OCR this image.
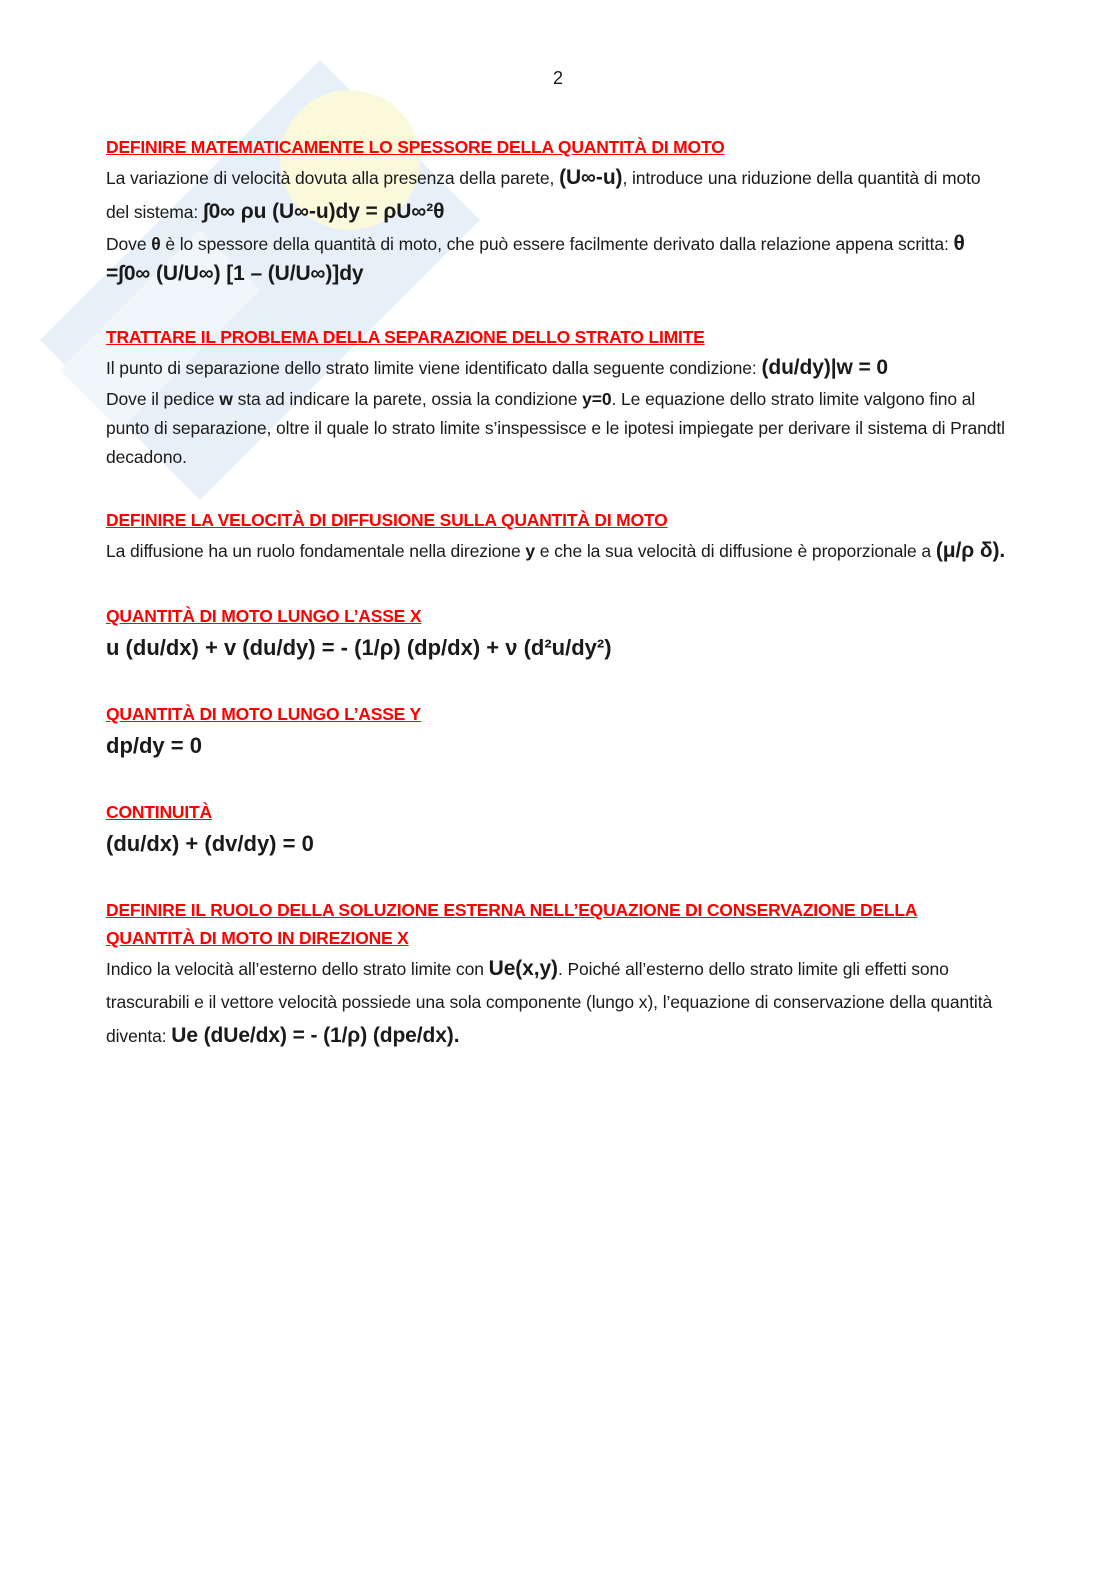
2
DEFINIRE MATEMATICAMENTE LO SPESSORE DELLA QUANTITÀ DI MOTO
La variazione di velocità dovuta alla presenza della parete, (U∞-u), introduce una riduzione della quantità di moto del sistema: ∫0∞ ρu (U∞-u)dy = ρU∞²θ
Dove θ è lo spessore della quantità di moto, che può essere facilmente derivato dalla relazione appena scritta: θ =∫0∞ (U/U∞) [1 – (U/U∞)]dy
TRATTARE IL PROBLEMA DELLA SEPARAZIONE DELLO STRATO LIMITE
Il punto di separazione dello strato limite viene identificato dalla seguente condizione: (du/dy)|w = 0
Dove il pedice w sta ad indicare la parete, ossia la condizione y=0. Le equazione dello strato limite valgono fino al punto di separazione, oltre il quale lo strato limite s’inspessisce e le ipotesi impiegate per derivare il sistema di Prandtl decadono.
DEFINIRE LA VELOCITÀ DI DIFFUSIONE SULLA QUANTITÀ DI MOTO
La diffusione ha un ruolo fondamentale nella direzione y e che la sua velocità di diffusione è proporzionale a (μ/ρ δ).
QUANTITÀ DI MOTO LUNGO L’ASSE X
u (du/dx) + v (du/dy) = - (1/ρ) (dp/dx) + ν (d²u/dy²)
QUANTITÀ DI MOTO LUNGO L’ASSE Y
dp/dy = 0
CONTINUITÀ
(du/dx) + (dv/dy) = 0
DEFINIRE IL RUOLO DELLA SOLUZIONE ESTERNA NELL’EQUAZIONE DI CONSERVAZIONE DELLA QUANTITÀ DI MOTO IN DIREZIONE X
Indico la velocità all’esterno dello strato limite con Ue(x,y). Poiché all’esterno dello strato limite gli effetti sono trascurabili e il vettore velocità possiede una sola componente (lungo x), l’equazione di conservazione della quantità diventa: Ue (dUe/dx) = - (1/ρ) (dpe/dx).
